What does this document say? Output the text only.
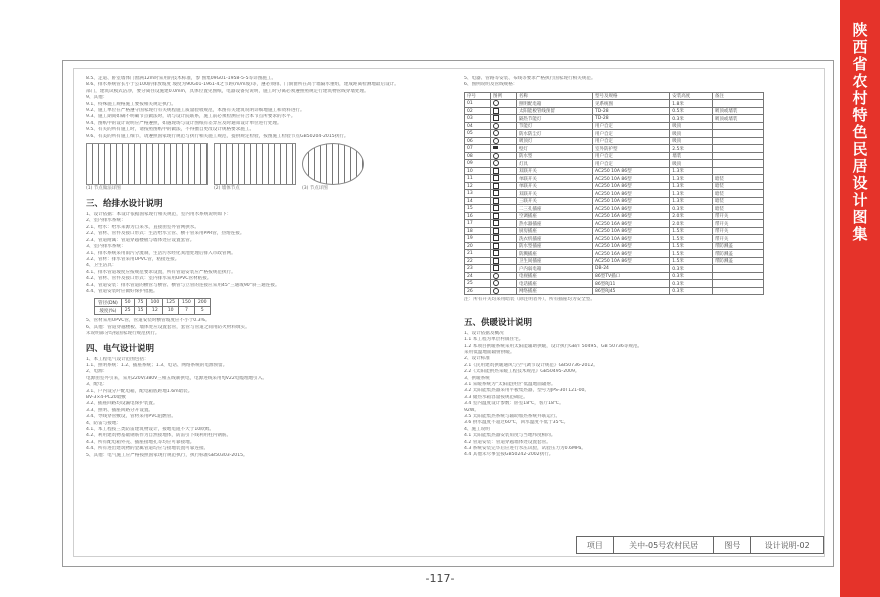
陕西省农村特色民居设计图集
8.5、走道、卧室墙体门窗满12m时采用的技术标准，参 图集09G01-1958-5-5等详图施工。
8.6、排水系统管长小于公100的排放坡度 坡度为90G01-1961-4之节距(m/m坡)等，遵必须排、门洞窗所在高于墙隔水重组，建成距离检测地最后设计。
部门，建筑试模式洁净，要分离住设施建0.0mm，具体位置见图纸，电器设备见说明，施工时分离必须遵照照规定行建筑物管线穿墙处理。
9、其他：
9.1、特殊施工规格施工要按相关规定执行。
9.2、施工单位在严格遵守国家现行有关规程施工质量验收规范，本图有关建筑说明详细地施工和资料进行。
9.3、施工期间如确不明确节点做法时，请与设计院联系，施工前必须检测应符合本节点所要求的水平。
9.4、图纸中的设计说明应严格遵照，如遇现场与设计图纸有差异应及时通知设计单位进行处理。
9.5、有关的所有施工时，请按照图纸中的做法，不得擅自更改设计规格要求施工。
9.6、有美的所有施工细节，请遵照国家现行规范与执行相关施工规范，提供规定检验，按图施工检验节点GB50204-2015执行。
(1) 节点做法详图	(2) 墙体节点	(3) 节点详图
三、给排水设计说明
1、设计依据：本设计依据国家现行相关规范，室内用水系统说明如下：
2、室内排水系统：
2.1、给水：给水来源为自来水，直接由室外管网供水。
2.2、管材、管件及接口形式：生活给水立管、横干管采用PPR管，热熔连接。
2.3、管道附属：管道穿越楼板与墙体处应设置套管。
3、室内排水系统：
3.1、排水系统采用雨污分流制，生活污水经化粪池处理后排入市政管网。
3.2、管材：排水管采用UPVC管，粘接连接。
4、卫生洁具：
4.1、排水管道坡度应按规范要求设置，所有管道安装应严格按规范执行。
4.2、管材、管件及接口形式：室内排水采用UPVC管材粘接。
4.3、管道安装：排水管道的横管与横管、横管与立管的连接应采用45°三通或90°斜三通连接。
4.4、管道安装时应做好保护措施。
管径(DN)	50	75	100	125	150	200
坡度(%)	25	15	12	10	7	5
5、管材采用UPVC管，管道安装时横管坡度应不小于0.3%。
6、其他：管道穿越楼板、墙体处应设置套管，套管与管道之间用防火材料填实。
未说明部分均按国家现行规范执行。
四、电气设计说明
1、本工程电气设计范围包括：
1.1、照明系统：1.2、插座系统；1.3、电话、网络系统的电源预留。
2、电源：
电源由室外引来，采用220V/380V三相五线制供电，电源进线采用YJV22电缆埋地引入。
3、配电：
3.1、户内设分户配电箱，配电箱底距地1.6m暗装。
BV-3×4-PC20暗敷
3.2、插座回路均设漏电保护装置。
3.3、照明、插座回路分开设置。
3.4、导线穿管敷设，管材采用PVC阻燃管。
4、防雷与接地：
4.1、本工程按三类防雷建筑物设计，接地电阻不大于10欧姆。
4.2、利用建筑物基础钢筋作为自然接地体，防雷引下线利用柱内钢筋。
4.3、所有配电箱外壳、插座接地孔等均应可靠接地。
4.4、所有进出建筑物的金属管道均应与接地装置可靠连接。
5、其他：电气施工应严格按照国家现行规范执行，执行标准GB50303-2015。
5、电器、管路等安装、布线等要求严格执行国家现行相关规范。
6、图例说明及管线规格：
序号	图例	名称	型号及规格	安装高度	备注
01		照明配电箱	见系统图	1.8米	
02		太阳能板管线预留	TD-28	0.5米	吸顶或墙装
03		隔热节能灯	TD-28	0.3米	吸顶或墙装
04		节能灯	用户自定	吸顶	
05		防水防尘灯	用户自定	吸顶	
06		吸顶灯	用户自定	吸顶	
07		壁灯	室外防护型	2.5米	
08		防水型	用户自定	墙装	
09		灯具	用户自定	吸顶	
10		双联开关	AC250 10A 86型	1.3米	
11		单联开关	AC250 10A 86型	1.3米	暗装
12		单联开关	AC250 10A 86型	1.3米	暗装
13		双联开关	AC250 10A 86型	1.3米	暗装
14		三联开关	AC250 10A 86型	1.3米	暗装
15		二三孔插座	AC250 10A 86型	0.3米	暗装
16		空调插座	AC250 16A 86型	2.0米	带开关
17		热水器插座	AC250 16A 86型	2.0米	带开关
18		厨房插座	AC250 10A 86型	1.5米	带开关
19		洗衣机插座	AC250 10A 86型	1.5米	带开关
20		防水型插座	AC250 10A 86型	1.5米	带防溅盖
21		防溅插座	AC250 16A 86型	1.5米	带防溅盖
22		卫生间插座	AC250 10A 86型	1.5米	带防溅盖
23		户内弱电箱	DB-24	0.3米	
24		电视插座	86型TV插口	0.3米	
25		电话插座	86型RJ11	0.3米	
26		网络插座	86型RJ45	0.3米	
注：所有开关均采用暗装（除注明者外），所有插座均为安全型。
五、供暖设计说明
1、设计依据及概况
1.1 本工程为单层村镇住宅。
1.2 本项目供暖系统采用太阳能辅助供暖，设计执行GB/T 50495、GB 50736等规范。
采用低温地面辐射供暖。
2、设计标准
2.1《民用建筑供暖通风与空气调节设计规范》GB50736-2012。
2.2《太阳能供热采暖工程技术规范》GB50495-2009。
3、供暖系统
3.1 采暖系统为“太阳能供热”低温地面辐射。
3.2 太阳能集热器采用平板集热器，型号为JPS-30T121-00。
3.3 储热水箱容量按规范确定。
3.4 室内温度设计参数：卧室18℃，客厅18℃。
92W。
3.5 太阳能集热系统与辅助加热系统并联运行。
3.6 供水温度不超过60℃，回水温度不低于35℃。
4、施工说明
4.1 太阳能集热器安装角度与当地纬度相同。
4.2 管道安装：管道穿越墙体处设置套管。
4.3 系统安装完毕后应进行水压试验，试验压力为0.6MPa。
4.4 其他未尽事宜按GB50242-2002执行。
项目	关中-05号农村民居	图号	设计说明-02
-117-
